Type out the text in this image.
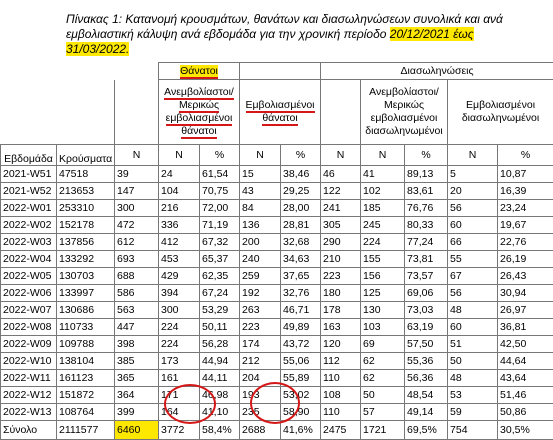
Πίνακας 1: Κατανομή κρουσμάτων, θανάτων και διασωληνώσεων συνολικά και ανά εμβολιαστική κάλυψη ανά εβδομάδα για την χρονική περίοδο 20/12/2021 έως 31/03/2022.
			Θάνατοι				Διασωληνώσεις				
			Ανεμβολίαστοι/ Μερικώς εμβολιασμένοι θάνατοι		Εμβολιασμένοι θάνατοι			Ανεμβολίαστοι/ Μερικώς εμβολιασμένοι διασωληνωμένοι		Εμβολιασμένοι διασωληνωμένοι	
Εβδομάδα	Κρούσματα	N	N	%	N	%	N	N	%	N	%
2021-W51	47518	39	24	61,54	15	38,46	46	41	89,13	5	10,87
2021-W52	213653	147	104	70,75	43	29,25	122	102	83,61	20	16,39
2022-W01	253310	300	216	72,00	84	28,00	241	185	76,76	56	23,24
2022-W02	152178	472	336	71,19	136	28,81	305	245	80,33	60	19,67
2022-W03	137856	612	412	67,32	200	32,68	290	224	77,24	66	22,76
2022-W04	133292	693	453	65,37	240	34,63	210	155	73,81	55	26,19
2022-W05	130703	688	429	62,35	259	37,65	223	156	73,57	67	26,43
2022-W06	133997	586	394	67,24	192	32,76	180	125	69,06	56	30,94
2022-W07	130686	563	300	53,29	263	46,71	178	130	73,03	48	26,97
2022-W08	110733	447	224	50,11	223	49,89	163	103	63,19	60	36,81
2022-W09	109788	398	224	56,28	174	43,72	120	69	57,50	51	42,50
2022-W10	138104	385	173	44,94	212	55,06	112	62	55,36	50	44,64
2022-W11	161123	365	161	44,11	204	55,89	110	62	56,36	48	43,64
2022-W12	151872	364	171	46,98	193	53,02	108	50	48,54	53	51,46
2022-W13	108764	399	164	41,10	235	58,90	110	57	49,14	59	50,86
Σύνολο	2111577	6460	3772	58,4%	2688	41,6%	2475	1721	69,5%	754	30,5%
